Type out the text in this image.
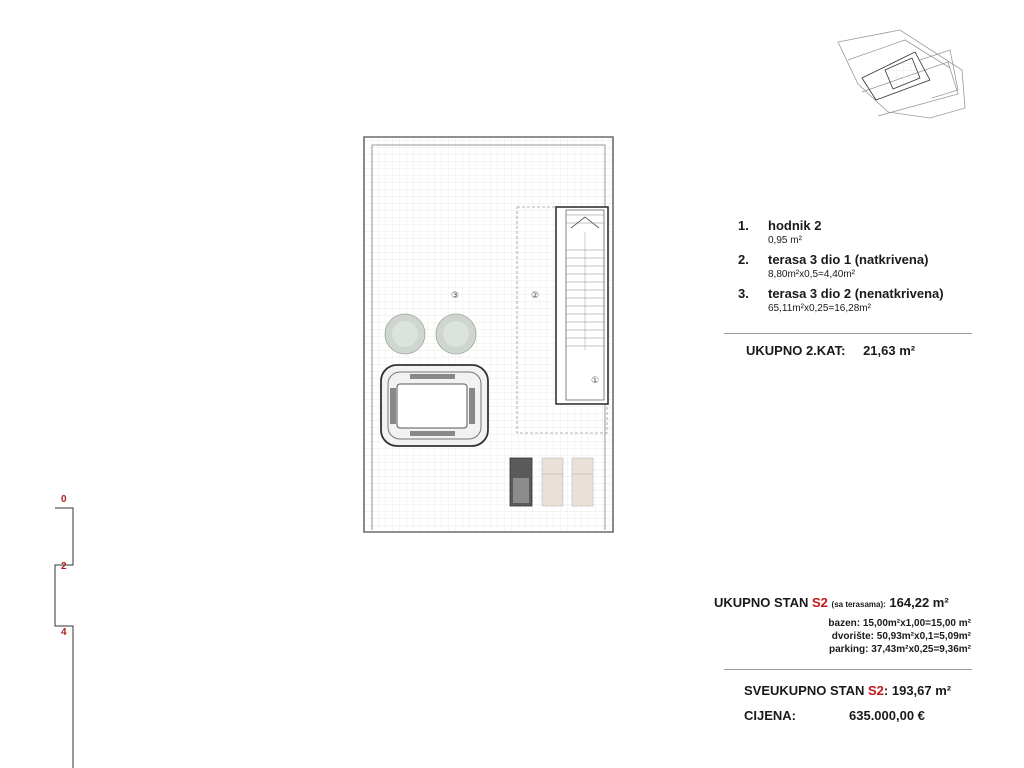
③	②
①
0
2
4
1. hodnik 2
0,95 m²
2. terasa 3 dio 1 (natkrivena)
8,80m²x0,5=4,40m²
3. terasa 3 dio 2 (nenatkrivena)
65,11m²x0,25=16,28m²
UKUPNO 2.KAT: 21,63 m²
UKUPNO STAN S2 (sa terasama): 164,22 m²
bazen: 15,00m²x1,00=15,00 m²
dvorište: 50,93m²x0,1=5,09m²
parking: 37,43m²x0,25=9,36m²
SVEUKUPNO STAN S2: 193,67 m²
CIJENA:	635.000,00 €
